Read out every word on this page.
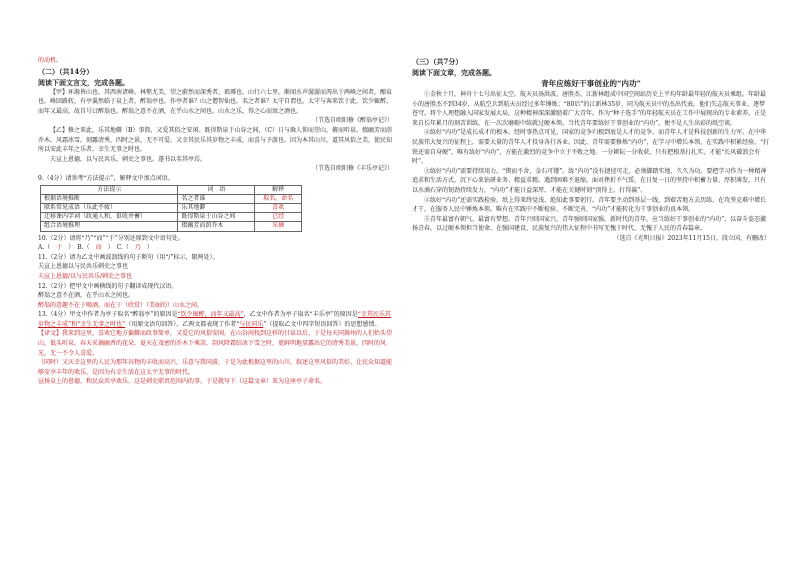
的动机。

（二）（共14分）

阅读下面文言文，完成各题。

【甲】环滁皆山也。其西南诸峰，林壑尤美，望之蔚然而深秀者，琅琊也。山行六七里，渐闻水声潺潺而泻出于两峰之间者，酿泉也。峰回路转，有亭翼然临于泉上者，醉翁亭也。作亭者谁？山之僧智仙也。名之者谁？太守自谓也。太守与客来饮于此，饮少辄醉，而年又最高，故自号曰醉翁也。醉翁之意不在酒，在乎山水之间也。山水之乐，得之心而寓之酒也。

（节选自欧阳修《醉翁亭记》）

【乙】修之来此，乐其地僻（B）事简，又爱其俗之安闲。既得斯泉于山谷之间，（C）日与滁人仰而望山，俯而听泉。掇幽芳而荫乔木，风霜冰雪，刻露清秀，四时之景，无不可爱。又幸其民乐其岁物之丰成，而喜与予游也。因为本其山川，道其风俗之美，使民知所以安此丰年之乐者，幸生无事之时也。

夫宣上恩德，以与民共乐，刺史之事也。遂书以名其亭焉。

（节选自欧阳修《丰乐亭记》）

9.（4分）请参考“方法提示”，解释文中加点词语。

方法提示	词　语	解释
根据语境推断	名之者谁	取名，命名
联系常见成语（乐此不疲）	乐其地僻	喜欢
迁移课内字词（政通人和，俱收并蓄）	既得斯泉于山谷之间	已经
组合语境推理	掇幽芳而荫乔木	采摘

10.（2分）请将“乃”“而”“于”分别还原到文中语句处。

A.（ 于 ）　B.（ 而 ）　C.（ 乃 ）

11.（2分）请为乙文中画波浪线的句子断句（用“/”标示，限两处）。

夫宣上恩德以与民共乐刺史之事也

夫宣上恩德/以与民共乐/刺史之事也

12.（2分）把甲文中画横线的句子翻译成现代汉语。

醉翁之意不在酒，在乎山水之间也。

醉翁的意趣不在于喝酒，而在于（欣赏）（美丽的）山水之间。

13.（4分）甲文中作者为亭子取名“醉翁亭”的原因是“饮少辄醉，而年又最高”，乙文中作者为亭子取名“丰乐亭”的原因是“幸其民乐其岁物之丰成”和“幸生无事之时也”（用原文语句回答）。乙两文都表现了作者“与民同乐”（提取乙文中四字短语回答）的思想感情。

【译文】我来到这里，喜欢它地方偏僻而政事简单，又爱它的风俗安闲。在山谷间找到这样的甘泉以后，于是每天同滁州的人们抬头望山，低头听泉。春天采摘幽香的花朵，夏天在茂密的乔木下乘凉，刮风降霜结冰下雪之时，更鲜明地显露出它的清秀美景，四时的风光，无一不令人喜爱。

（同时）又庆幸这里的人民为那年谷物的丰收而高兴，乐意与我同游，于是为此根据这里的山川，叙述这里风俗的美好，让民众知道能够安享丰年的欢乐，是因为有幸生活在这太平无事的时代。

宣扬皇上的恩德，和民众共享欢乐，这是刺史职责范围内的事。于是就写下（这篇文章）来为这座亭子命名。

（三）（共7分）

阅读下面文章，完成各题。

青年应练好干事创业的“内功”

①金秋十月，神舟十七号出征太空。航天员汤洪波、唐胜杰、江新林组成中国空间站历史上平均年龄最年轻的航天员乘组。年龄最小的唐胜杰不到34岁，从航空兵到航天员经过多年锤炼；“80后”的江新林35岁，同为航天员中的杰出代表。他们矢志航天事业、逐梦苍穹，将个人理想融入国家发展大局，这种精神深深激励着广大青年。作为“种子选手”的年轻航天员在工作中展现出的专业素养，正是来自长年累月的刻苦训练，在一次次磨砺中练就过硬本领。当代青年要练好干事创业的“内功”，便不是人生出彩的纸空谈。

②练好“内功”是成长成才的根本。经时事热点可见，国家的竞争归根到底是人才的竞争，而青年人才是科技创新的生力军。在中华民族伟大复兴的征程上，需要大量的青年人才投身各行各业。因此，青年需要修炼“内功”，在学习中增长本领，在实践中积累经验。“打铁还需自身硬”，唯有练好“内功”，方能在激烈的竞争中立于不败之地。一分耕耘一分收获，只有把根基打扎实，才能“长风破浪会有时”。

③练好“内功”需要持续用力。“锲而不舍，金石可镂”。练“内功”没有捷径可走，必须脚踏实地、久久为功。要把学习作为一种精神追求和生活方式，沉下心来钻研业务、精益求精。遇到困难不退缩，面对挫折不气馁，在日复一日的坚持中积蓄力量、厚积薄发。只有以水滴石穿的韧劲持续发力，“内功”才能日益深厚，才能在关键时刻“顶得上、打得赢”。

④练好“内功”还需实践检验。纸上得来终觉浅，绝知此事要躬行。青年要主动到基层一线、到艰苦地方去历练，在攻坚克难中增长才干，在服务人民中锤炼本领。唯有在实践中不断检验、不断完善，“内功”才能转化为干事创业的真本领。

⑤青年最富有朝气、最富有梦想。青年兴则国家兴，青年强则国家强。新时代的青年，应当练好干事创业的“内功”，以奋斗姿态激扬青春，以过硬本领担当使命，在强国建设、民族复兴的伟大征程中书写无愧于时代、无愧于人民的青春篇章。

（选自《光明日报》2023年11月15日，段立国，有删改）
